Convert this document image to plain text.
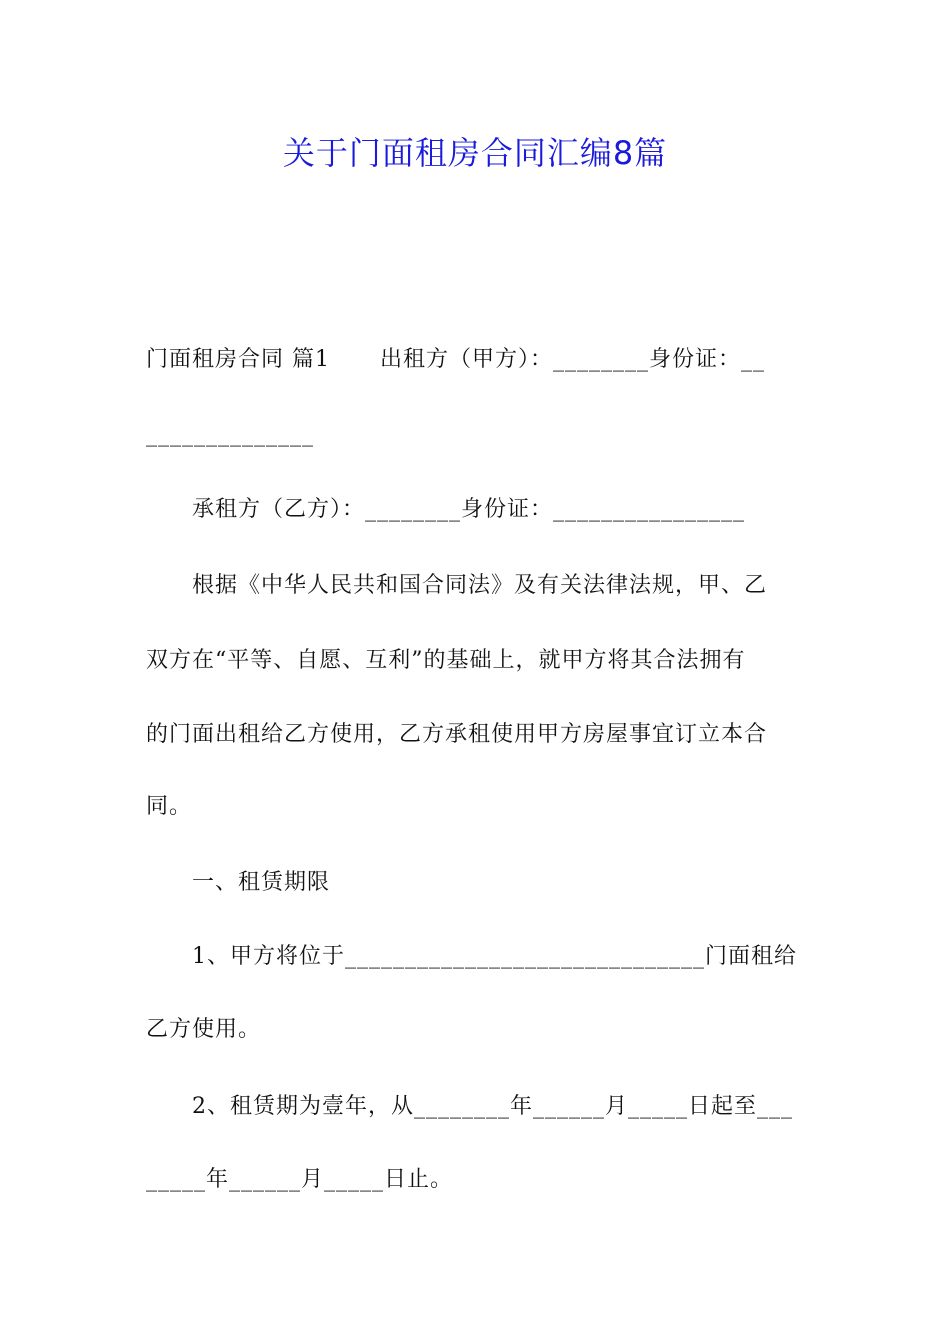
关于门面租房合同汇编8篇
门面租房合同 篇1 出租方（甲方）：________身份证：__
______________
承租方（乙方）：________身份证：________________
根据《中华人民共和国合同法》及有关法律法规，甲、乙
双方在“平等、自愿、互利”的基础上，就甲方将其合法拥有
的门面出租给乙方使用，乙方承租使用甲方房屋事宜订立本合
同。
一、租赁期限
1、甲方将位于______________________________门面租给
乙方使用。
2、租赁期为壹年，从________年______月_____日起至___
_____年______月_____日止。
